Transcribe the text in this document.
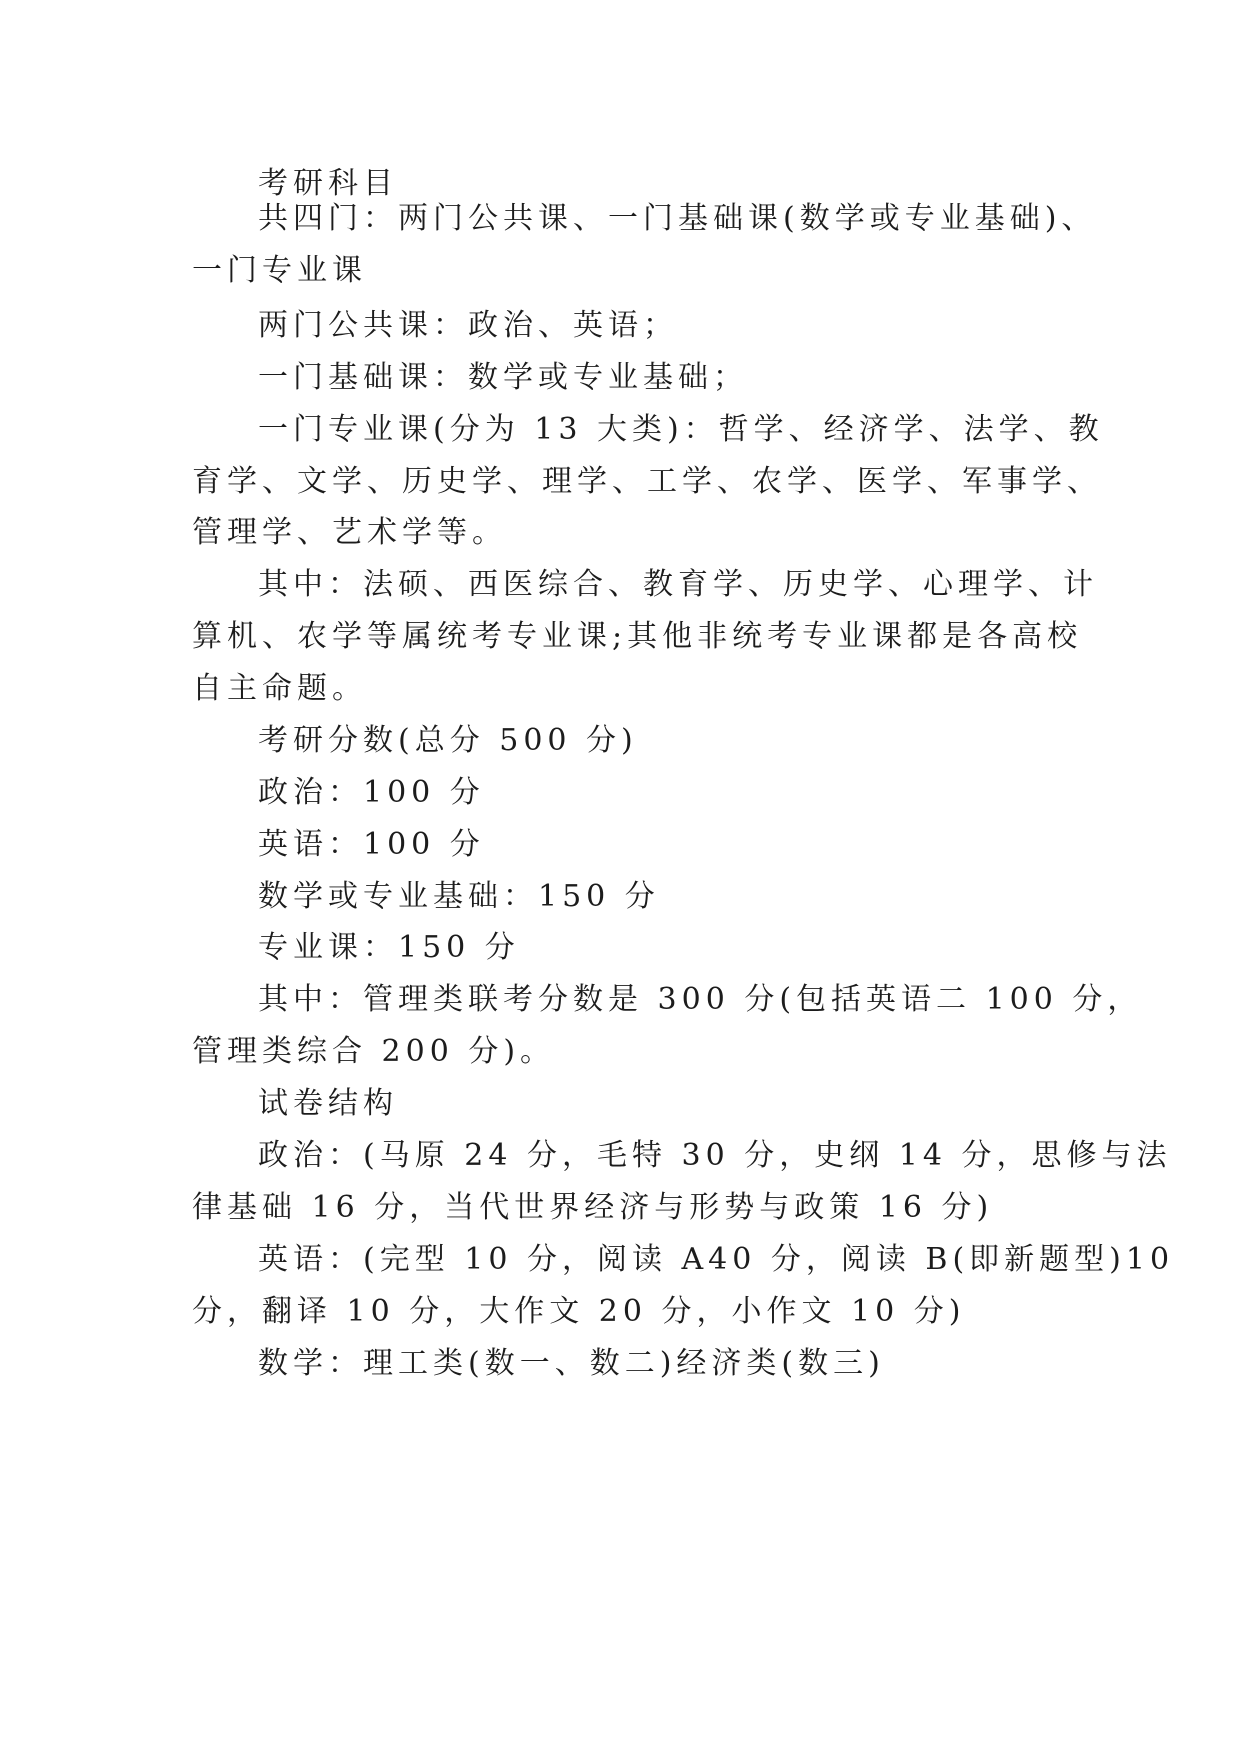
考研科目

共四门：两门公共课、一门基础课(数学或专业基础)、

一门专业课

两门公共课：政治、英语；

一门基础课：数学或专业基础；

一门专业课(分为 13 大类)：哲学、经济学、法学、教

育学、文学、历史学、理学、工学、农学、医学、军事学、

管理学、艺术学等。

其中：法硕、西医综合、教育学、历史学、心理学、计

算机、农学等属统考专业课;其他非统考专业课都是各高校

自主命题。

考研分数(总分 500 分)

政治：100 分

英语：100 分

数学或专业基础：150 分

专业课：150 分

其中：管理类联考分数是 300 分(包括英语二 100 分，

管理类综合 200 分)。

试卷结构

政治：(马原 24 分，毛特 30 分，史纲 14 分，思修与法

律基础 16 分，当代世界经济与形势与政策 16 分)

英语：(完型 10 分，阅读 A40 分，阅读 B(即新题型)10

分，翻译 10 分，大作文 20 分，小作文 10 分)

数学：理工类(数一、数二)经济类(数三)
